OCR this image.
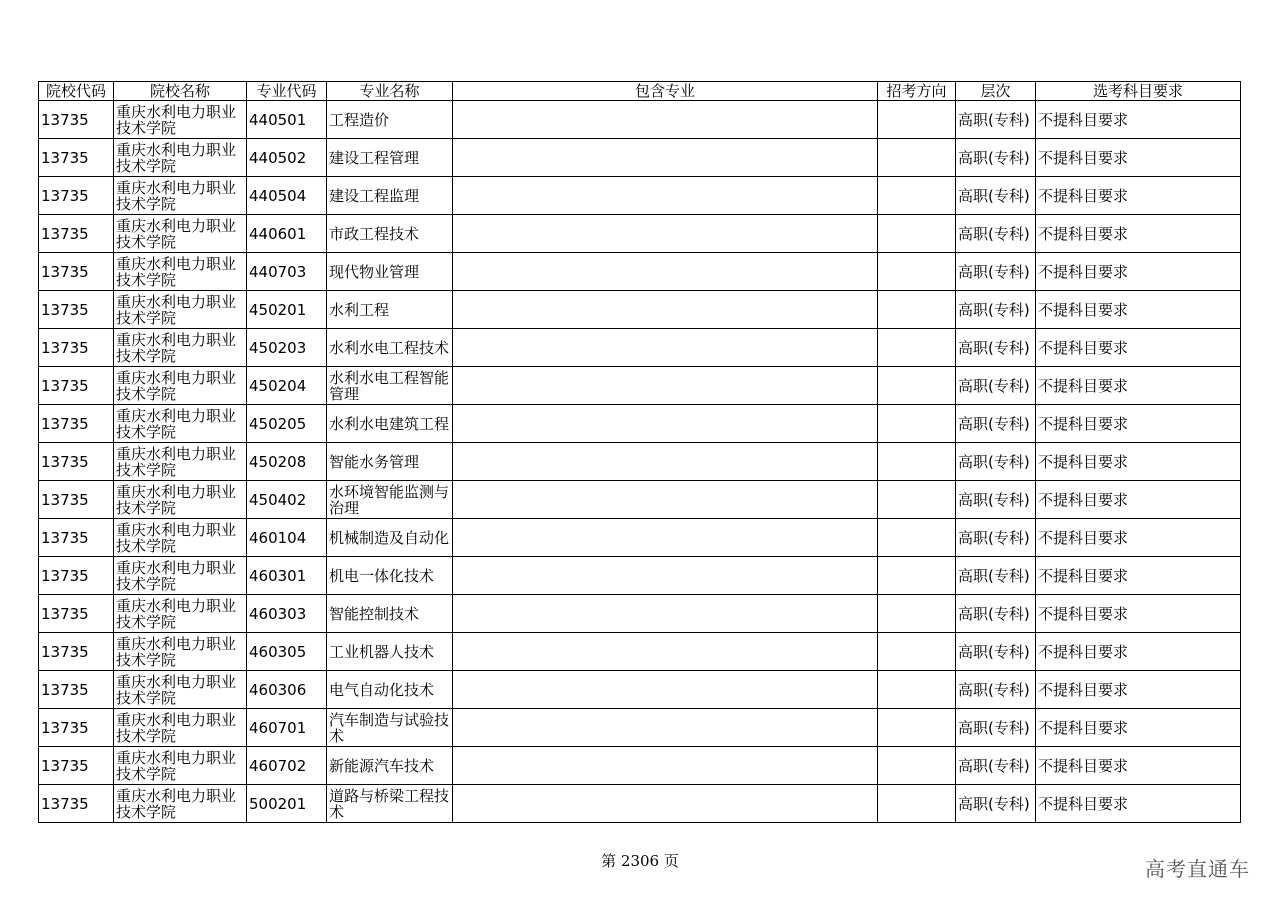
院校代码	院校名称	专业代码	专业名称	包含专业	招考方向	层次	选考科目要求
13735	重庆水利电力职业技术学院	440501	工程造价			高职(专科)	不提科目要求
13735	重庆水利电力职业技术学院	440502	建设工程管理			高职(专科)	不提科目要求
13735	重庆水利电力职业技术学院	440504	建设工程监理			高职(专科)	不提科目要求
13735	重庆水利电力职业技术学院	440601	市政工程技术			高职(专科)	不提科目要求
13735	重庆水利电力职业技术学院	440703	现代物业管理			高职(专科)	不提科目要求
13735	重庆水利电力职业技术学院	450201	水利工程			高职(专科)	不提科目要求
13735	重庆水利电力职业技术学院	450203	水利水电工程技术			高职(专科)	不提科目要求
13735	重庆水利电力职业技术学院	450204	水利水电工程智能管理			高职(专科)	不提科目要求
13735	重庆水利电力职业技术学院	450205	水利水电建筑工程			高职(专科)	不提科目要求
13735	重庆水利电力职业技术学院	450208	智能水务管理			高职(专科)	不提科目要求
13735	重庆水利电力职业技术学院	450402	水环境智能监测与治理			高职(专科)	不提科目要求
13735	重庆水利电力职业技术学院	460104	机械制造及自动化			高职(专科)	不提科目要求
13735	重庆水利电力职业技术学院	460301	机电一体化技术			高职(专科)	不提科目要求
13735	重庆水利电力职业技术学院	460303	智能控制技术			高职(专科)	不提科目要求
13735	重庆水利电力职业技术学院	460305	工业机器人技术			高职(专科)	不提科目要求
13735	重庆水利电力职业技术学院	460306	电气自动化技术			高职(专科)	不提科目要求
13735	重庆水利电力职业技术学院	460701	汽车制造与试验技术			高职(专科)	不提科目要求
13735	重庆水利电力职业技术学院	460702	新能源汽车技术			高职(专科)	不提科目要求
13735	重庆水利电力职业技术学院	500201	道路与桥梁工程技术			高职(专科)	不提科目要求
第 2306 页	高考直通车
